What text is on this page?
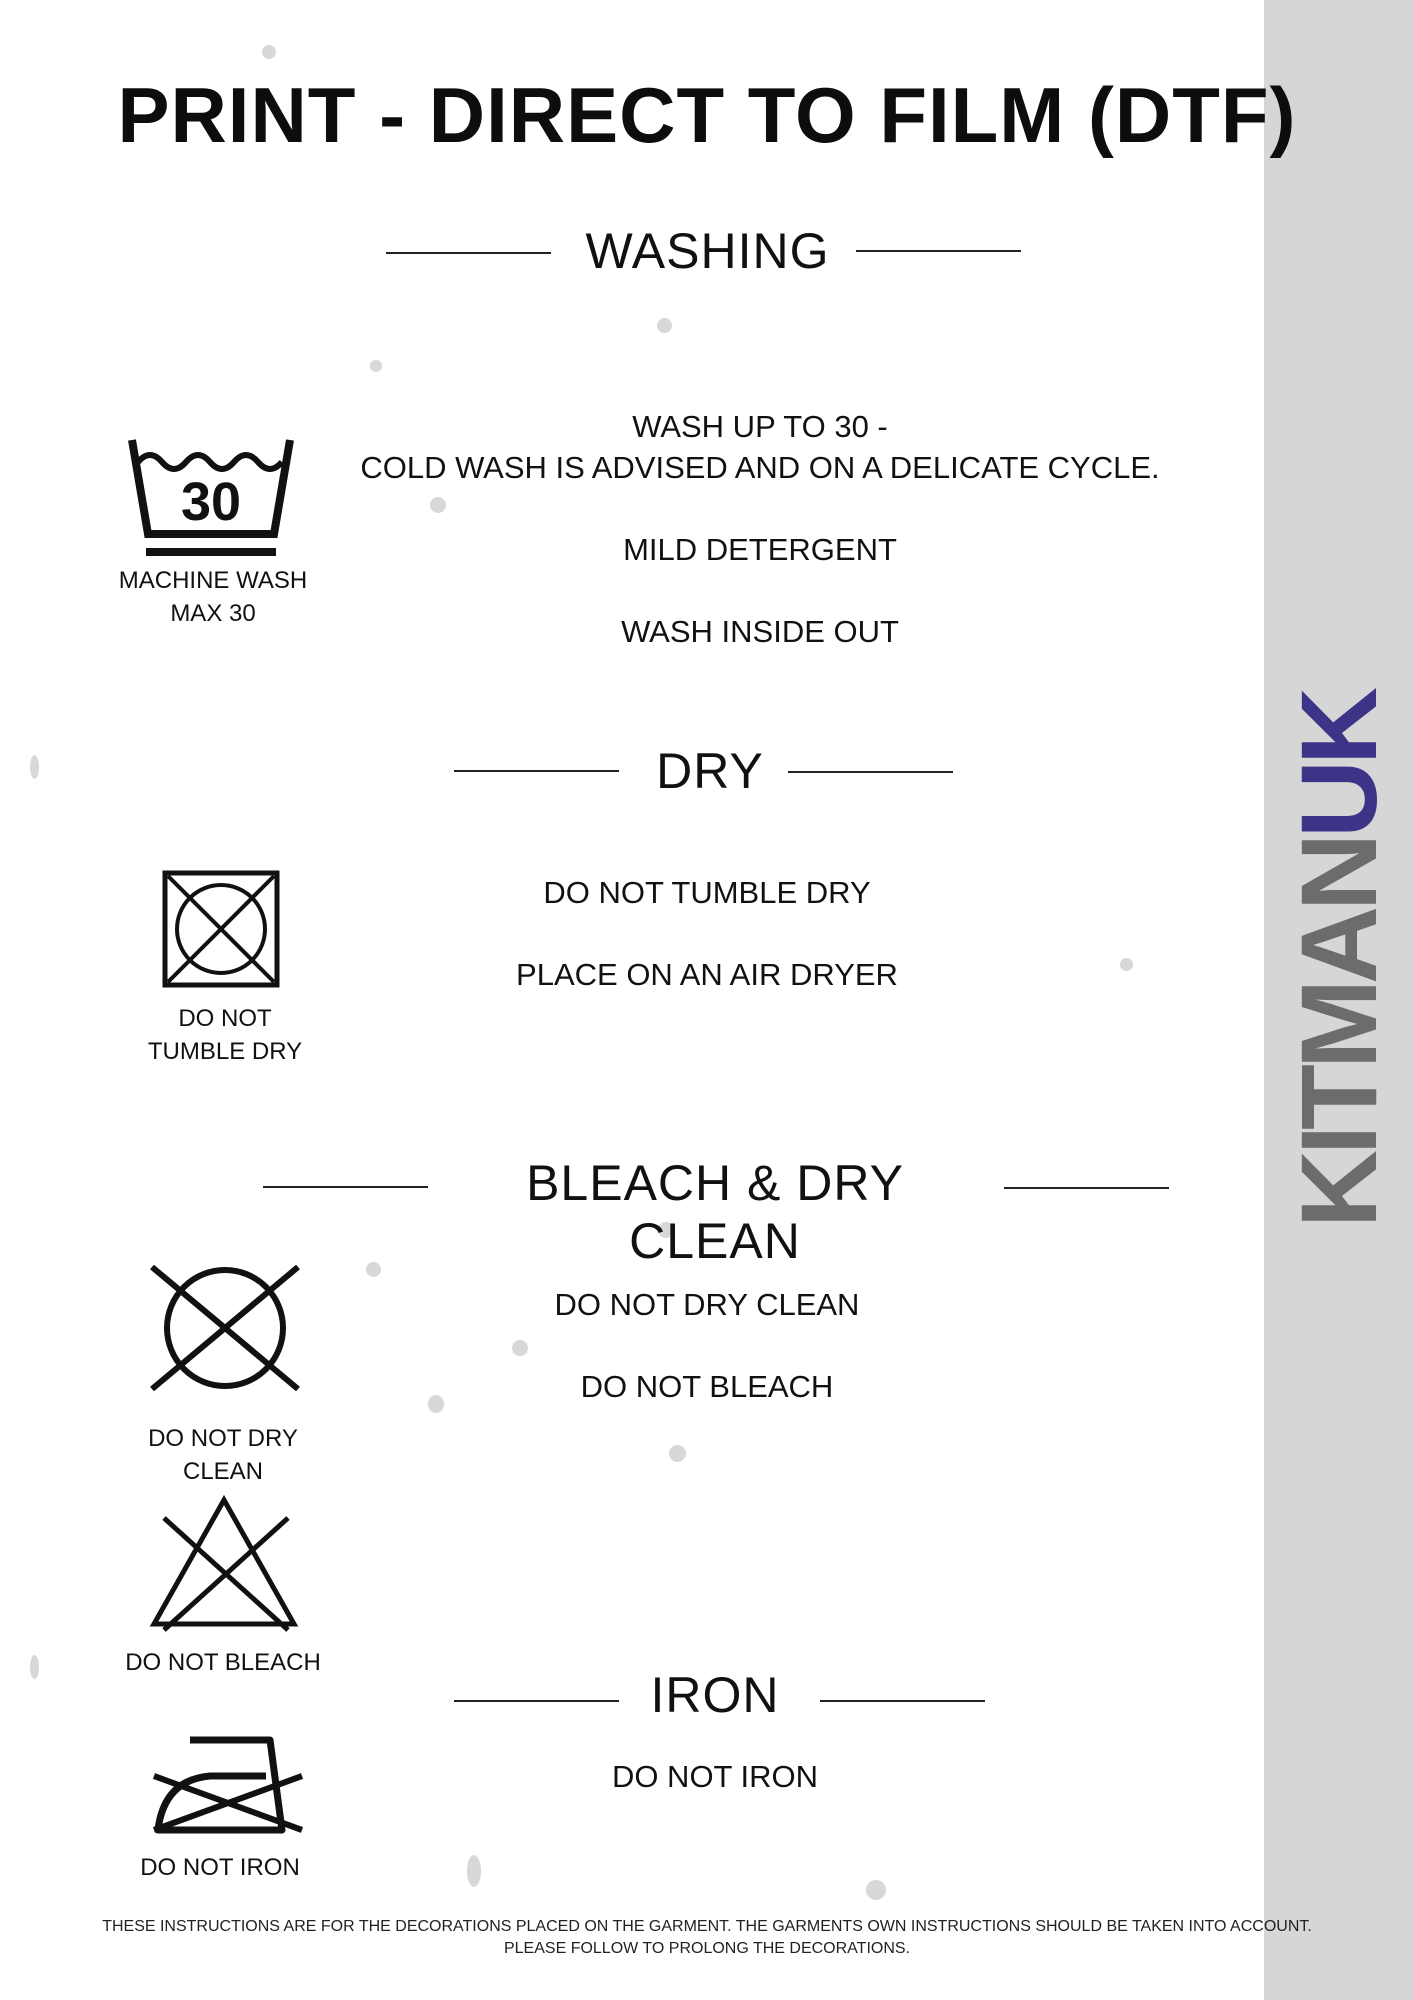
KITMANUK
PRINT - DIRECT TO FILM (DTF)
WASHING
30
MACHINE WASH
MAX 30
WASH UP TO 30 -
COLD WASH IS ADVISED AND ON A DELICATE CYCLE.
MILD DETERGENT
WASH INSIDE OUT
DRY
DO NOT
TUMBLE DRY
DO NOT TUMBLE DRY
PLACE ON AN AIR DRYER
BLEACH & DRY CLEAN
DO NOT DRY
CLEAN
DO NOT BLEACH
DO NOT DRY CLEAN
DO NOT BLEACH
IRON
DO NOT IRON
DO NOT IRON
THESE INSTRUCTIONS ARE FOR THE DECORATIONS PLACED ON THE GARMENT. THE GARMENTS OWN INSTRUCTIONS SHOULD BE TAKEN INTO ACCOUNT.
PLEASE FOLLOW TO PROLONG THE DECORATIONS.
